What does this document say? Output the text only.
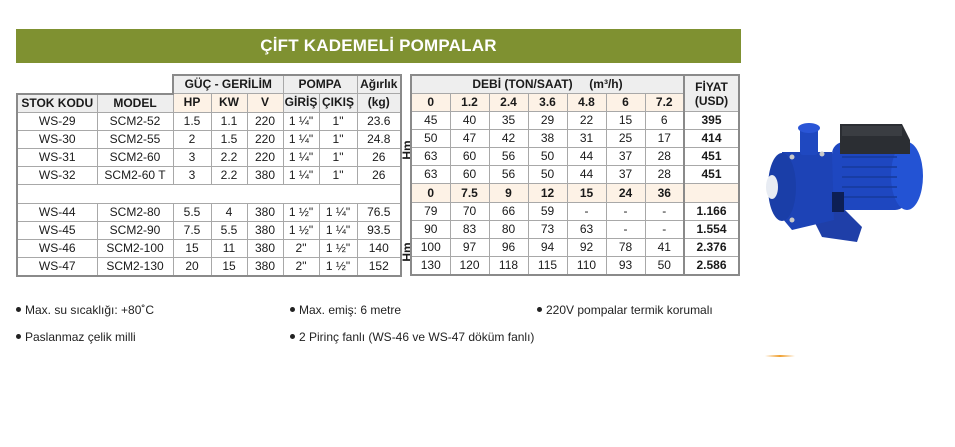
ÇİFT KADEMELİ POMPALAR
		GÜÇ - GERİLİM			POMPA		Ağırlık
STOK KODU	MODEL	HP	KW	V	GİRİŞ	ÇIKIŞ	(kg)
WS-29	SCM2-52	1.5	1.1	220	1 ¼"	1"	23.6
WS-30	SCM2-55	2	1.5	220	1 ¼"	1"	24.8
WS-31	SCM2-60	3	2.2	220	1 ¼"	1"	26
WS-32	SCM2-60 T	3	2.2	380	1 ¼"	1"	26

WS-44	SCM2-80	5.5	4	380	1 ½"	1 ¼"	76.5
WS-45	SCM2-90	7.5	5.5	380	1 ½"	1 ¼"	93.5
WS-46	SCM2-100	15	11	380	2"	1 ½"	140
WS-47	SCM2-130	20	15	380	2"	1 ½"	152
Hm
Hm
DEBİ (TON/SAAT) (m³/h)							FİYAT
(USD)

0	1.2	2.4	3.6	4.8	6	7.2	
45	40	35	29	22	15	6	395
50	47	42	38	31	25	17	414
63	60	56	50	44	37	28	451
63	60	56	50	44	37	28	451
0	7.5	9	12	15	24	36	
79	70	66	59	-	-	-	1.166
90	83	80	73	63	-	-	1.554
100	97	96	94	92	78	41	2.376
130	120	118	115	110	93	50	2.586
Max. su sıcaklığı: +80˚C	Max. emiş: 6 metre	220V pompalar termik korumalı
Paslanmaz çelik milli	2 Pirinç fanlı (WS-46 ve WS-47 döküm fanlı)
